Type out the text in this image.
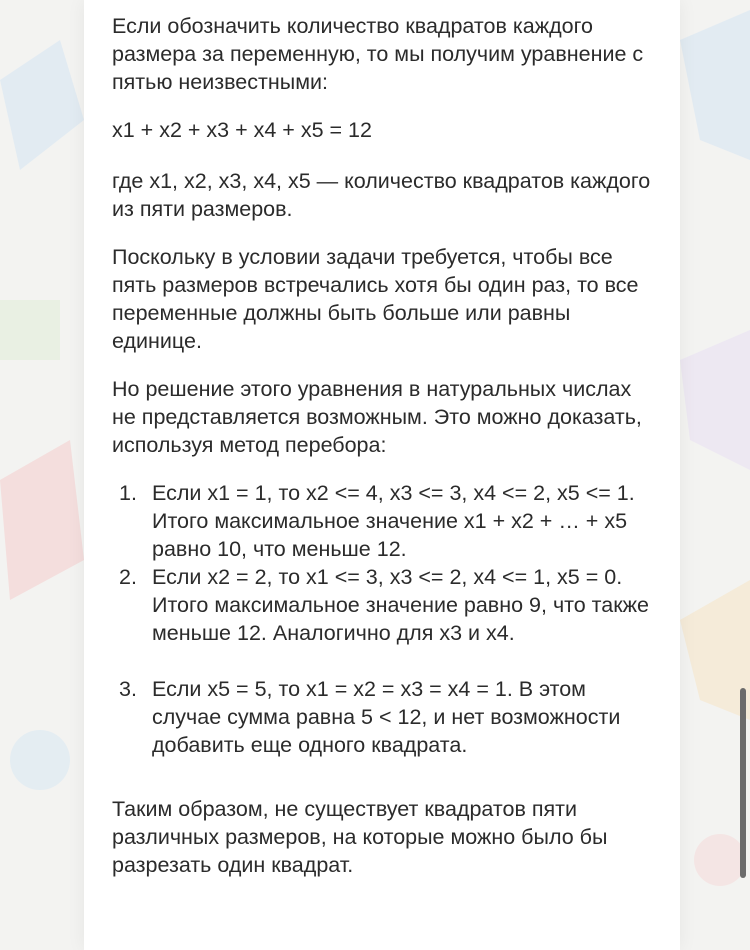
Если обозначить количество квадратов каждого размера за переменную, то мы получим уравнение с пятью неизвестными:

x1 + x2 + x3 + x4 + x5 = 12

где x1, x2, x3, x4, x5 — количество квадратов каждого из пяти размеров.

Поскольку в условии задачи требуется, чтобы все пять размеров встречались хотя бы один раз, то все переменные должны быть больше или равны единице.

Но решение этого уравнения в натуральных числах не представляется возможным. Это можно доказать, используя метод перебора:

1. Если x1 = 1, то x2 <= 4, x3 <= 3, x4 <= 2, x5 <= 1. Итого максимальное значение x1 + x2 + … + x5 равно 10, что меньше 12.
2. Если x2 = 2, то x1 <= 3, x3 <= 2, x4 <= 1, x5 = 0. Итого максимальное значение равно 9, что также меньше 12. Аналогично для x3 и x4.
3. Если x5 = 5, то x1 = x2 = x3 = x4 = 1. В этом случае сумма равна 5 < 12, и нет возможности добавить еще одного квадрата.

Таким образом, не существует квадратов пяти различных размеров, на которые можно было бы разрезать один квадрат.
